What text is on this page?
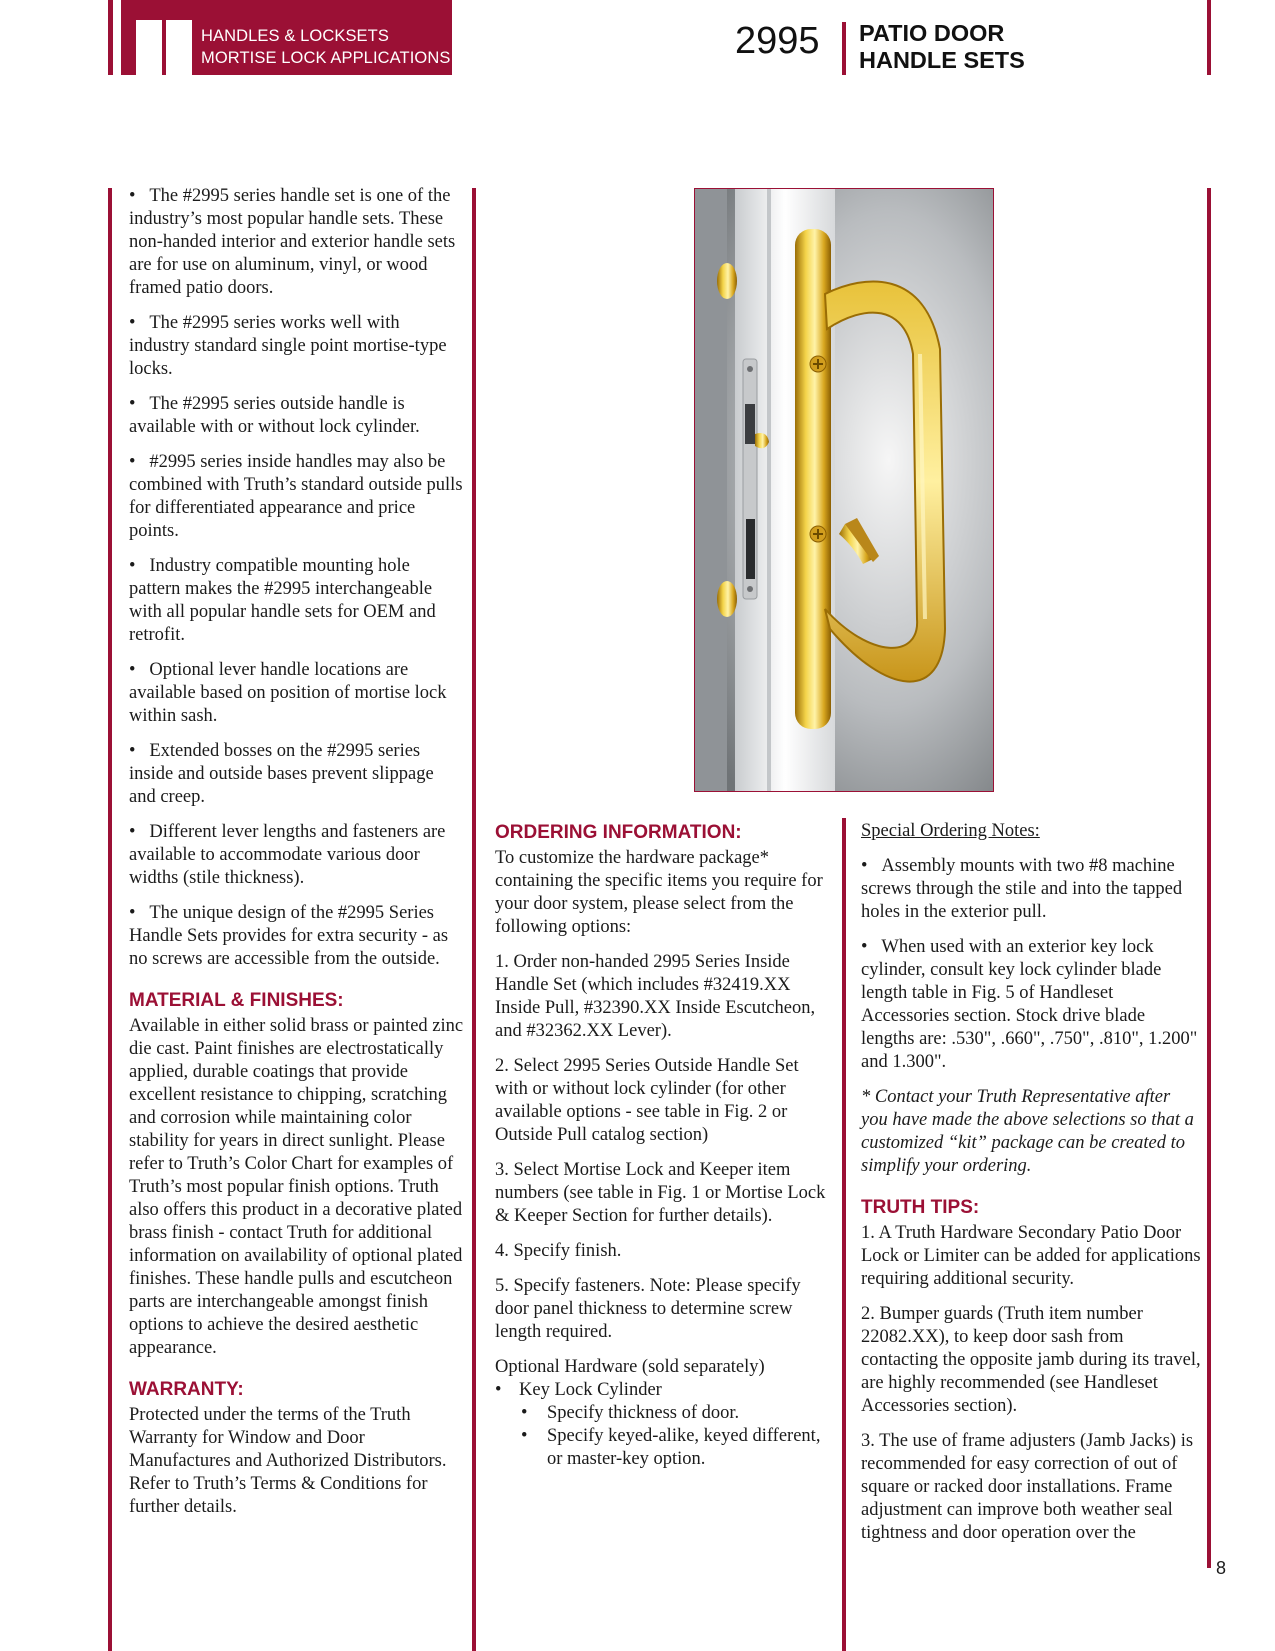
HANDLES & LOCKSETS
MORTISE LOCK APPLICATIONS	2995 PATIO DOOR
HANDLE SETS

•   The #2995 series handle set is one of the industry’s most popular handle sets. These non-handed interior and exterior handle sets are for use on aluminum, vinyl, or wood framed patio doors.

•   The #2995 series works well with industry standard single point mortise-type locks.

•   The #2995 series outside handle is available with or without lock cylinder.

•   #2995 series inside handles may also be combined with Truth’s standard outside pulls for differentiated appearance and price points.

•   Industry compatible mounting hole pattern makes the #2995 interchangeable with all popular handle sets for OEM and retrofit.

•   Optional lever handle locations are available based on position of mortise lock within sash.

•   Extended bosses on the #2995 series inside and outside bases prevent slippage and creep.

•   Different lever lengths and fasteners are available to accommodate various door widths (stile thickness).

•   The unique design of the #2995 Series Handle Sets provides for extra security - as no screws are accessible from the outside.

MATERIAL & FINISHES:

Available in either solid brass or painted zinc die cast. Paint finishes are electrostatically applied, durable coatings that provide excellent resistance to chipping, scratching and corrosion while maintaining color stability for years in direct sunlight. Please refer to Truth’s Color Chart for examples of Truth’s most popular finish options. Truth also offers this product in a decorative plated brass finish - contact Truth for additional information on availability of optional plated finishes. These handle pulls and escutcheon parts are interchangeable amongst finish options to achieve the desired aesthetic appearance.

WARRANTY:

Protected under the terms of the Truth Warranty for Window and Door Manufactures and Authorized Distributors. Refer to Truth’s Terms & Conditions for further details.

ORDERING INFORMATION:

To customize the hardware package* containing the specific items you require for your door system, please select from the following options:

1. Order non-handed 2995 Series Inside Handle Set (which includes #32419.XX Inside Pull, #32390.XX Inside Escutcheon, and #32362.XX Lever).

2. Select 2995 Series Outside Handle Set with or without lock cylinder (for other available options - see table in Fig. 2 or Outside Pull catalog section)

3. Select Mortise Lock and Keeper item numbers (see table in Fig. 1 or Mortise Lock & Keeper Section for further details).

4. Specify finish.

5. Specify fasteners. Note: Please specify door panel thickness to determine screw length required.

Optional Hardware (sold separately)
• Key Lock Cylinder
• Specify thickness of door.
• Specify keyed-alike, keyed different, or master-key option.

Special Ordering Notes:

•   Assembly mounts with two #8 machine screws through the stile and into the tapped holes in the exterior pull.

•   When used with an exterior key lock cylinder, consult key lock cylinder blade length table in Fig. 5 of Handleset Accessories section. Stock drive blade lengths are: .530", .660", .750", .810", 1.200" and 1.300".

* Contact your Truth Representative after you have made the above selections so that a customized “kit” package can be created to simplify your ordering.

TRUTH TIPS:

1. A Truth Hardware Secondary Patio Door Lock or Limiter can be added for applications requiring additional security.

2. Bumper guards (Truth item number 22082.XX), to keep door sash from contacting the opposite jamb during its travel, are highly recommended (see Handleset Accessories section).

3. The use of frame adjusters (Jamb Jacks) is recommended for easy correction of out of square or racked door installations. Frame adjustment can improve both weather seal tightness and door operation over the

8
